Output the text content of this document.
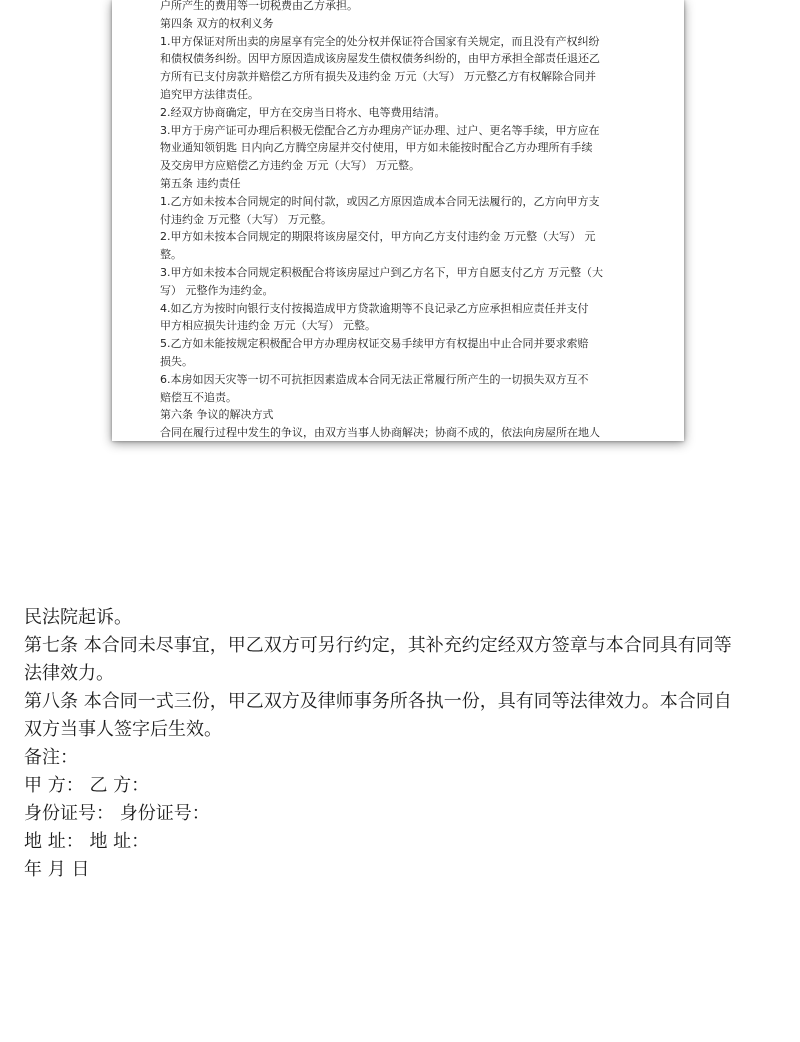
户所产生的费用等一切税费由乙方承担。

第四条 双方的权利义务

1.甲方保证对所出卖的房屋享有完全的处分权并保证符合国家有关规定，而且没有产权纠纷

和债权债务纠纷。因甲方原因造成该房屋发生债权债务纠纷的，由甲方承担全部责任退还乙

方所有已支付房款并赔偿乙方所有损失及违约金 万元（大写） 万元整乙方有权解除合同并

追究甲方法律责任。

2.经双方协商确定，甲方在交房当日将水、电等费用结清。

3.甲方于房产证可办理后积极无偿配合乙方办理房产证办理、过户、更名等手续，甲方应在

物业通知领钥匙 日内向乙方腾空房屋并交付使用，甲方如未能按时配合乙方办理所有手续

及交房甲方应赔偿乙方违约金 万元（大写） 万元整。

第五条 违约责任

1.乙方如未按本合同规定的时间付款，或因乙方原因造成本合同无法履行的，乙方向甲方支

付违约金 万元整（大写） 万元整。

2.甲方如未按本合同规定的期限将该房屋交付，甲方向乙方支付违约金 万元整（大写） 元

整。

3.甲方如未按本合同规定积极配合将该房屋过户到乙方名下，甲方自愿支付乙方 万元整（大

写） 元整作为违约金。

4.如乙方为按时向银行支付按揭造成甲方贷款逾期等不良记录乙方应承担相应责任并支付

甲方相应损失计违约金 万元（大写） 元整。

5.乙方如未能按规定积极配合甲方办理房权证交易手续甲方有权提出中止合同并要求索赔

损失。

6.本房如因天灾等一切不可抗拒因素造成本合同无法正常履行所产生的一切损失双方互不

赔偿互不追责。

第六条 争议的解决方式

合同在履行过程中发生的争议，由双方当事人协商解决；协商不成的，依法向房屋所在地人

民法院起诉。

第七条 本合同未尽事宜，甲乙双方可另行约定，其补充约定经双方签章与本合同具有同等

法律效力。

第八条 本合同一式三份，甲乙双方及律师事务所各执一份，具有同等法律效力。本合同自

双方当事人签字后生效。

备注：

甲 方： 乙 方：

身份证号： 身份证号：

地 址： 地 址：

年 月 日
